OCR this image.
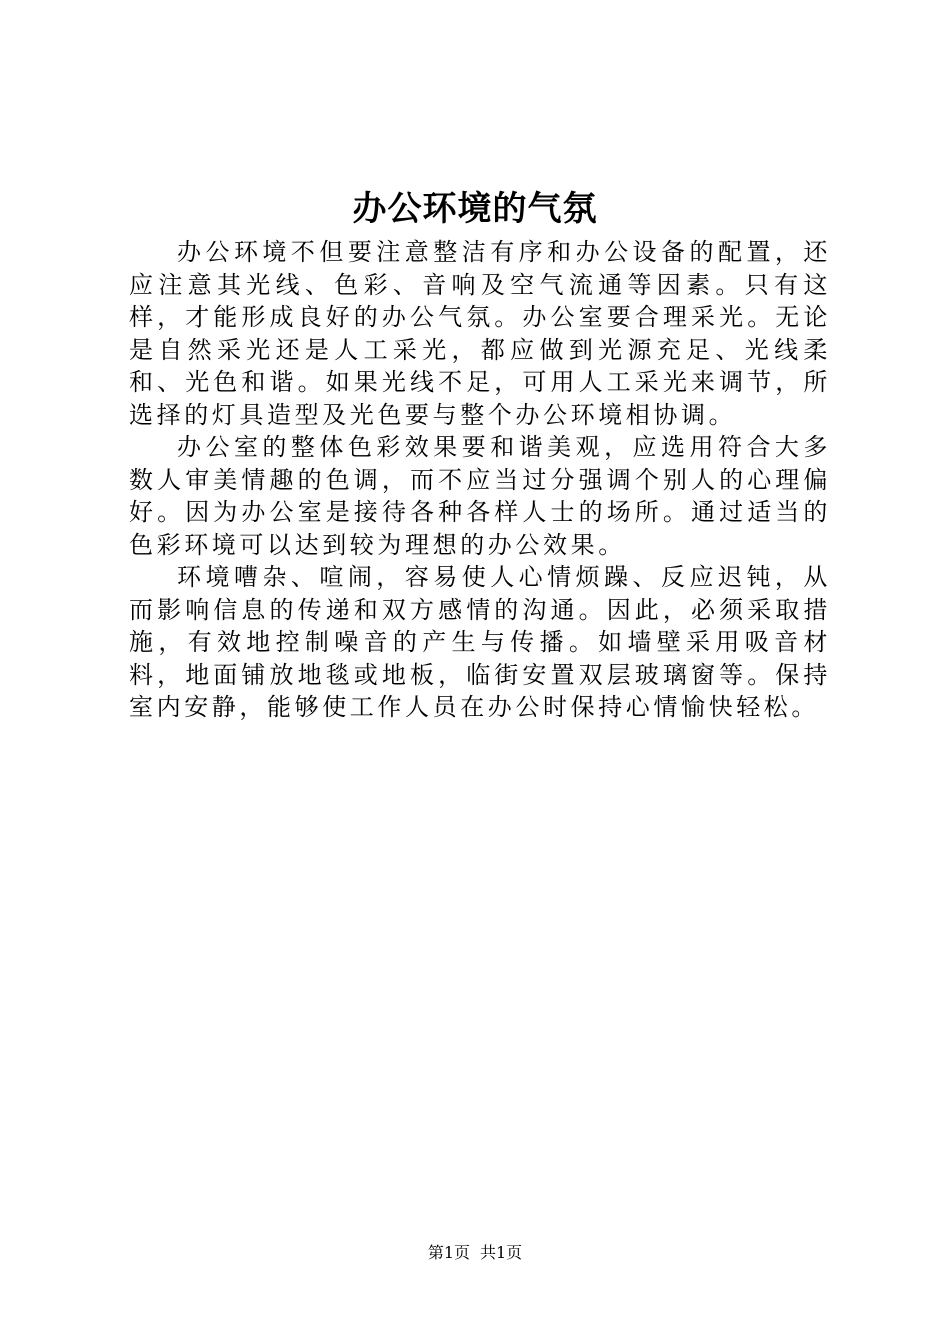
办公环境的气氛

办公环境不但要注意整洁有序和办公设备的配置，还应注意其光线、色彩、音响及空气流通等因素。只有这样，才能形成良好的办公气氛。办公室要合理采光。无论是自然采光还是人工采光，都应做到光源充足、光线柔和、光色和谐。如果光线不足，可用人工采光来调节，所选择的灯具造型及光色要与整个办公环境相协调。

办公室的整体色彩效果要和谐美观，应选用符合大多数人审美情趣的色调，而不应当过分强调个别人的心理偏好。因为办公室是接待各种各样人士的场所。通过适当的色彩环境可以达到较为理想的办公效果。

环境嘈杂、喧闹，容易使人心情烦躁、反应迟钝，从而影响信息的传递和双方感情的沟通。因此，必须采取措施，有效地控制噪音的产生与传播。如墙壁采用吸音材料，地面铺放地毯或地板，临街安置双层玻璃窗等。保持室内安静，能够使工作人员在办公时保持心情愉快轻松。

第1页 共1页
